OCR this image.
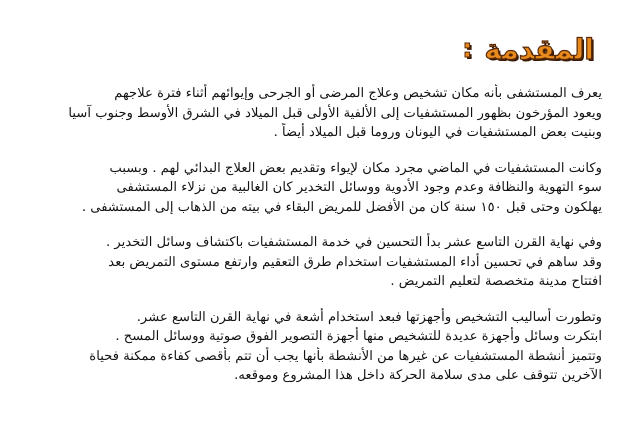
المقدمة
:
يعرف المستشفى بأنه مكان تشخيص وعلاج المرضى أو الجرحى وإيوائهم أثناء فترة علاجهم
ويعود المؤرخون بظهور المستشفيات إلى الألفية الأولى قبل الميلاد في الشرق الأوسط وجنوب آسيا
وبنيت بعض المستشفيات في اليونان وروما قبل الميلاد أيضاً .
وكانت المستشفيات في الماضي مجرد مكان لإيواء وتقديم بعض العلاج البدائي لهم . وبسبب
سوء التهوية والنظافة وعدم وجود الأدوية ووسائل التخدير كان الغالبية من نزلاء المستشفى
يهلكون وحتى قبل ١٥٠ سنة كان من الأفضل للمريض البقاء في بيته من الذهاب إلى المستشفى .
وفي نهاية القرن التاسع عشر بدأ التحسين في خدمة المستشفيات باكتشاف وسائل التخدير .
وقد ساهم في تحسين أداء المستشفيات استخدام طرق التعقيم وارتفع مستوى التمريض بعد
افتتاح مدينة متخصصة لتعليم التمريض .
وتطورت أساليب التشخيص وأجهزتها فبعد استخدام أشعة في نهاية القرن التاسع عشر.
ابتكرت وسائل وأجهزة عديدة للتشخيص منها أجهزة التصوير الفوق صوتية ووسائل المسح .
وتتميز أنشطة المستشفيات عن غيرها من الأنشطة بأنها يجب أن تتم بأقصى كفاءة ممكنة فحياة
الآخرين تتوقف على مدى سلامة الحركة داخل هذا المشروع وموقعه.
